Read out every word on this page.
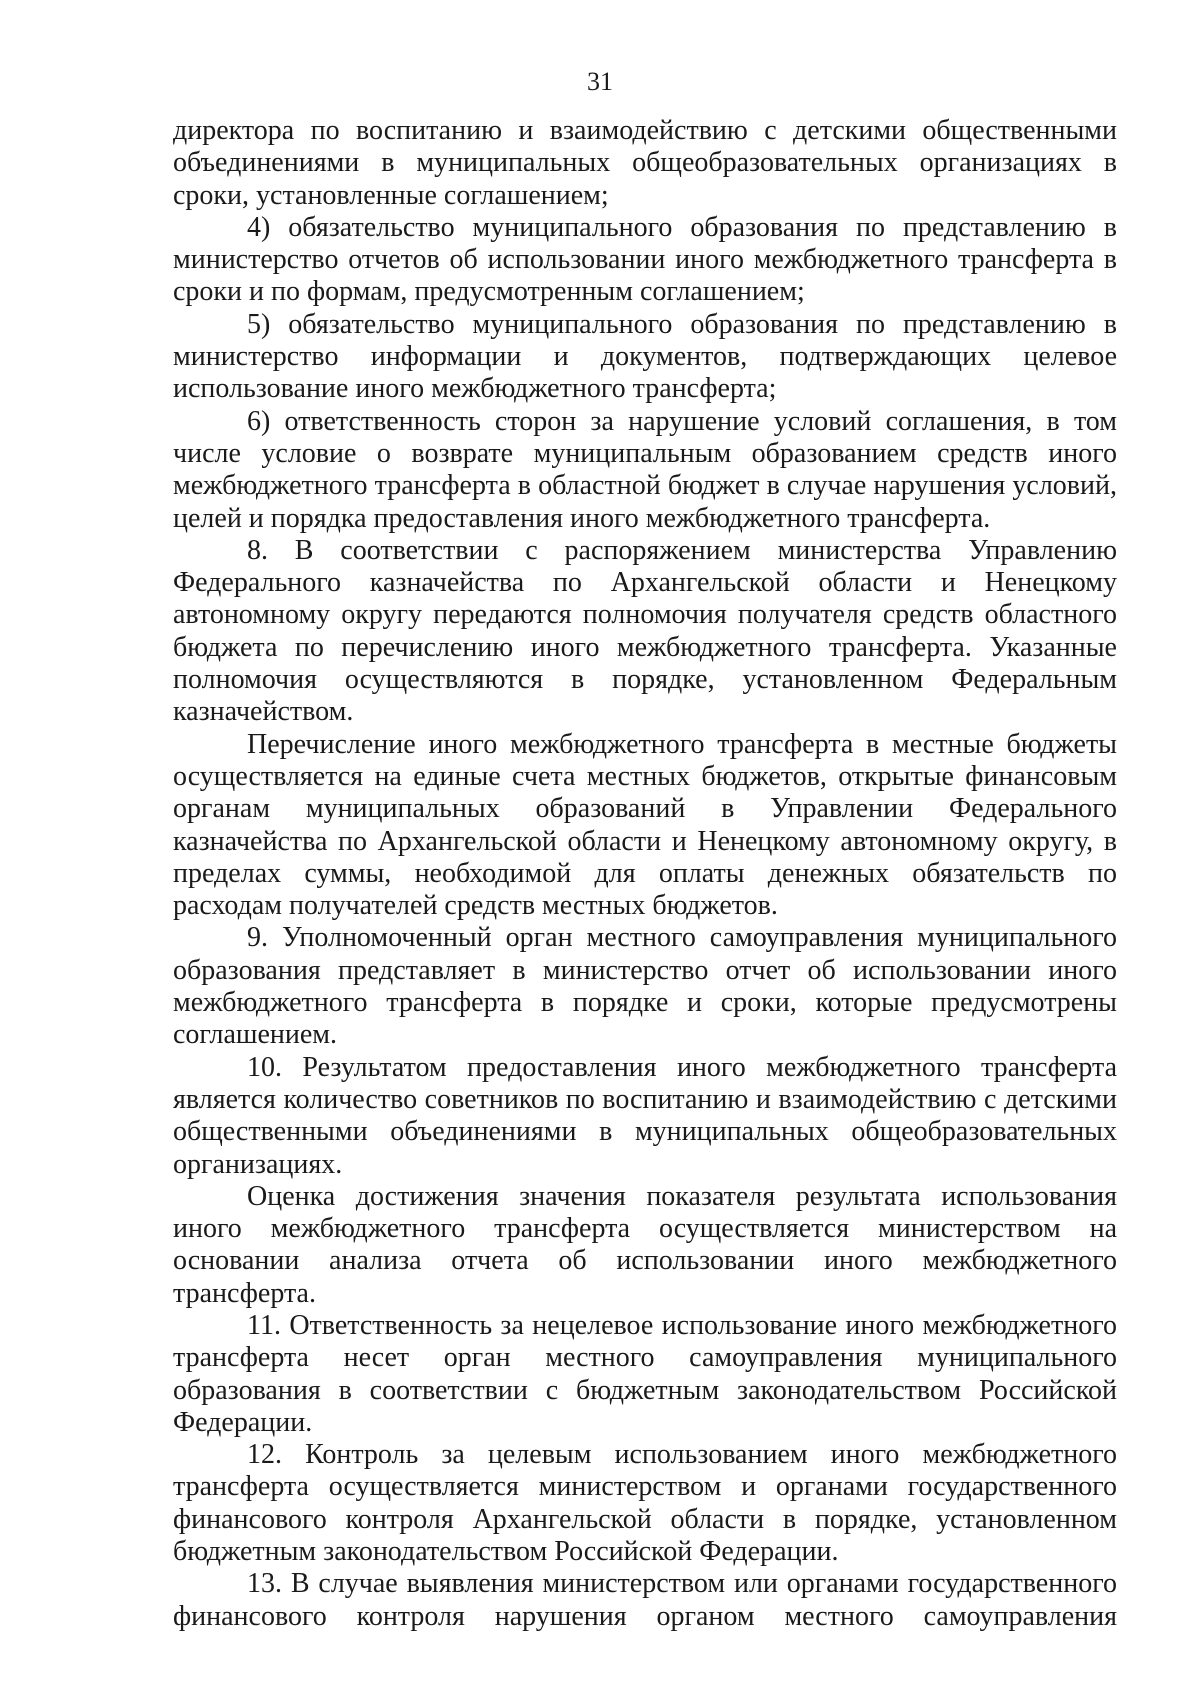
31

директора по воспитанию и взаимодействию с детскими общественными объединениями в муниципальных общеобразовательных организациях в сроки, установленные соглашением;

4) обязательство муниципального образования по представлению в министерство отчетов об использовании иного межбюджетного трансферта в сроки и по формам, предусмотренным соглашением;

5) обязательство муниципального образования по представлению в министерство информации и документов, подтверждающих целевое использование иного межбюджетного трансферта;

6) ответственность сторон за нарушение условий соглашения, в том числе условие о возврате муниципальным образованием средств иного межбюджетного трансферта в областной бюджет в случае нарушения условий, целей и порядка предоставления иного межбюджетного трансферта.

8. В соответствии с распоряжением министерства Управлению Федерального казначейства по Архангельской области и Ненецкому автономному округу передаются полномочия получателя средств областного бюджета по перечислению иного межбюджетного трансферта. Указанные полномочия осуществляются в порядке, установленном Федеральным казначейством.

Перечисление иного межбюджетного трансферта в местные бюджеты осуществляется на единые счета местных бюджетов, открытые финансовым органам муниципальных образований в Управлении Федерального казначейства по Архангельской области и Ненецкому автономному округу, в пределах суммы, необходимой для оплаты денежных обязательств по расходам получателей средств местных бюджетов.

9. Уполномоченный орган местного самоуправления муниципального образования представляет в министерство отчет об использовании иного межбюджетного трансферта в порядке и сроки, которые предусмотрены соглашением.

10. Результатом предоставления иного межбюджетного трансферта является количество советников по воспитанию и взаимодействию с детскими общественными объединениями в муниципальных общеобразовательных организациях.

Оценка достижения значения показателя результата использования иного межбюджетного трансферта осуществляется министерством на основании анализа отчета об использовании иного межбюджетного трансферта.

11. Ответственность за нецелевое использование иного межбюджетного трансферта несет орган местного самоуправления муниципального образования в соответствии с бюджетным законодательством Российской Федерации.

12. Контроль за целевым использованием иного межбюджетного трансферта осуществляется министерством и органами государственного финансового контроля Архангельской области в порядке, установленном бюджетным законодательством Российской Федерации.

13. В случае выявления министерством или органами государственного финансового контроля нарушения органом местного самоуправления
